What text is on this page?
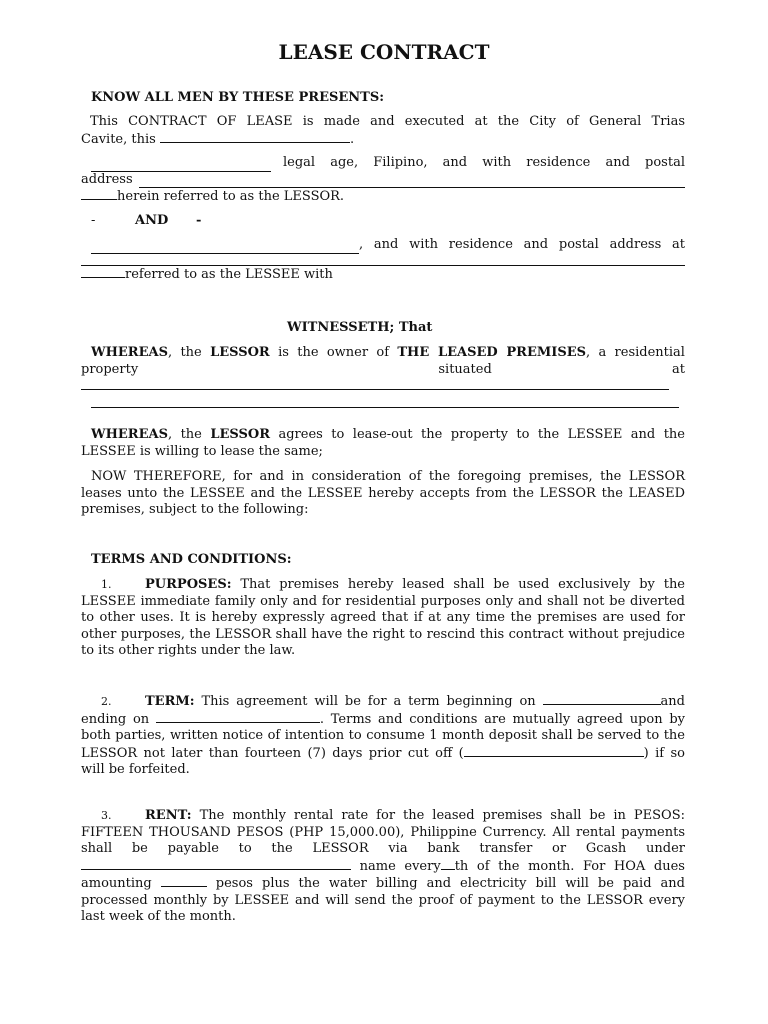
LEASE CONTRACT
KNOW ALL MEN BY THESE PRESENTS:
This CONTRACT OF LEASE is made and executed at the City of General Trias
Cavite, this	.
legal age, Filipino, and with residence and postal
address
herein referred to as the LESSOR.
-	AND -
, and with residence and postal address at
referred to as the LESSEE with
WITNESSETH; That
WHEREAS, the LESSOR is the owner of THE LEASED PREMISES, a residential
property	situated	at
WHEREAS, the LESSOR agrees to lease-out the property to the LESSEE and the LESSEE is willing to lease the same;
NOW THEREFORE, for and in consideration of the foregoing premises, the LESSOR leases unto the LESSEE and the LESSEE hereby accepts from the LESSOR the LEASED premises, subject to the following:
TERMS AND CONDITIONS:
1.	PURPOSES: That premises hereby leased shall be used exclusively by the LESSEE immediate family only and for residential purposes only and shall not be diverted to other uses. It is hereby expressly agreed that if at any time the premises are used for other purposes, the LESSOR shall have the right to rescind this contract without prejudice to its other rights under the law.
2.	TERM: This agreement will be for a term beginning on	and ending on	. Terms and conditions are mutually agreed upon by both parties, written notice of intention to consume 1 month deposit shall be served to the LESSOR not later than fourteen (7) days prior cut off (	) if so will be forfeited.
3.	RENT: The monthly rental rate for the leased premises shall be in PESOS: FIFTEEN THOUSAND PESOS (PHP 15,000.00), Philippine Currency. All rental payments shall be payable to the LESSOR via bank transfer or Gcash under  name every th of the month. For HOA dues amounting	pesos plus the water billing and electricity bill will be paid and processed monthly by LESSEE and will send the proof of payment to the LESSOR every last week of the month.
